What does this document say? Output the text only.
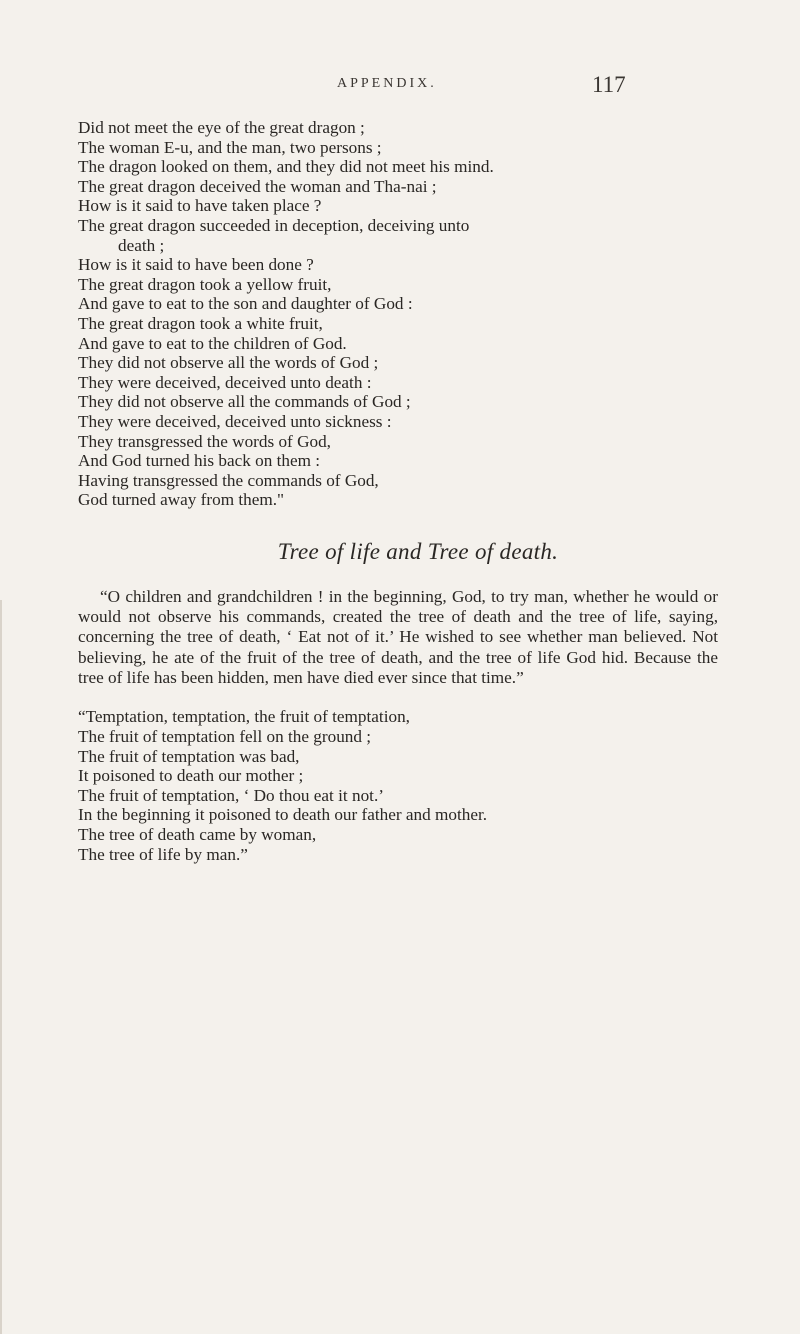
APPENDIX.	117
Did not meet the eye of the great dragon ;
The woman E-u, and the man, two persons ;
The dragon looked on them, and they did not meet his mind.
The great dragon deceived the woman and Tha-nai ;
How is it said to have taken place ?
The great dragon succeeded in deception, deceiving unto
death ;
How is it said to have been done ?
The great dragon took a yellow fruit,
And gave to eat to the son and daughter of God :
The great dragon took a white fruit,
And gave to eat to the children of God.
They did not observe all the words of God ;
They were deceived, deceived unto death :
They did not observe all the commands of God ;
They were deceived, deceived unto sickness :
They transgressed the words of God,
And God turned his back on them :
Having transgressed the commands of God,
God turned away from them."
Tree of life and Tree of death.

“O children and grandchildren ! in the beginning, God, to try man, whether he would or would not observe his commands, created the tree of death and the tree of life, saying, concerning the tree of death, ‘ Eat not of it.’ He wished to see whether man believed. Not believing, he ate of the fruit of the tree of death, and the tree of life God hid. Because the tree of life has been hidden, men have died ever since that time.”

“Temptation, temptation, the fruit of temptation,
The fruit of temptation fell on the ground ;
The fruit of temptation was bad,
It poisoned to death our mother ;
The fruit of temptation, ‘ Do thou eat it not.’
In the beginning it poisoned to death our father and mother.
The tree of death came by woman,
The tree of life by man.”
